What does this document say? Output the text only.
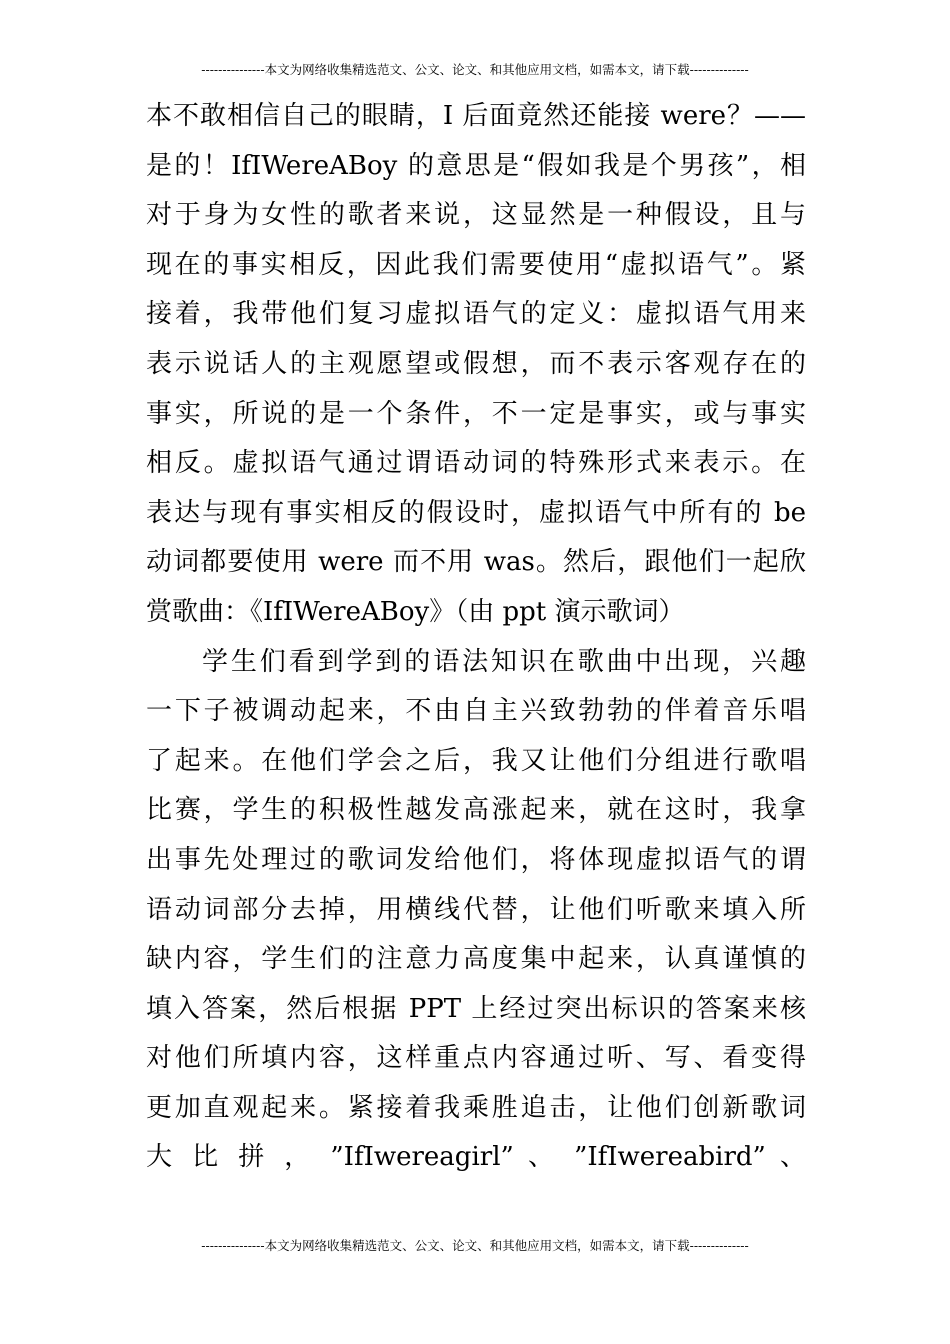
---------------本文为网络收集精选范文、公文、论文、和其他应用文档，如需本文，请下载--------------
本不敢相信自己的眼睛，I 后面竟然还能接 were？——
是的！IfIWereABoy 的意思是“假如我是个男孩”，相
对于身为女性的歌者来说，这显然是一种假设，且与
现在的事实相反，因此我们需要使用“虚拟语气”。紧
接着，我带他们复习虚拟语气的定义：虚拟语气用来
表示说话人的主观愿望或假想，而不表示客观存在的
事实，所说的是一个条件，不一定是事实，或与事实
相反。虚拟语气通过谓语动词的特殊形式来表示。在
表达与现有事实相反的假设时，虚拟语气中所有的 be
动词都要使用 were 而不用 was。然后，跟他们一起欣
赏歌曲：《IfIWereABoy》（由 ppt 演示歌词）
学生们看到学到的语法知识在歌曲中出现，兴趣
一下子被调动起来，不由自主兴致勃勃的伴着音乐唱
了起来。在他们学会之后，我又让他们分组进行歌唱
比赛，学生的积极性越发高涨起来，就在这时，我拿
出事先处理过的歌词发给他们，将体现虚拟语气的谓
语动词部分去掉，用横线代替，让他们听歌来填入所
缺内容，学生们的注意力高度集中起来，认真谨慎的
填入答案，然后根据 PPT 上经过突出标识的答案来核
对他们所填内容，这样重点内容通过听、写、看变得
更加直观起来。紧接着我乘胜追击，让他们创新歌词
大 比 拼 ， ”IfIwereagirl” 、 ”IfIwereabird” 、
---------------本文为网络收集精选范文、公文、论文、和其他应用文档，如需本文，请下载--------------
